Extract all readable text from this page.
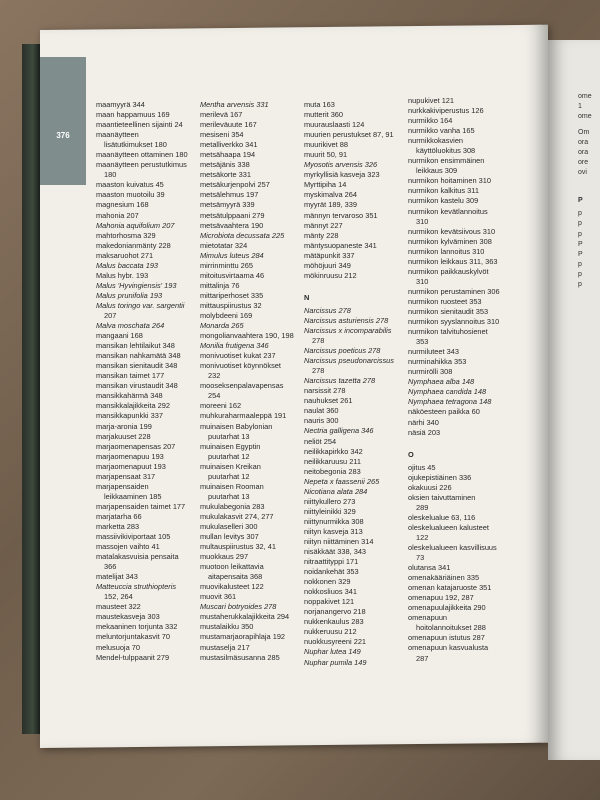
376
maamyyrä 344
maan happamuus 169
maantieteellinen sijainti 24
maanäytteen
lisätutkimukset 180
maanäytteen ottaminen 180
maanäytteen perustutkimus
180
maaston kuivatus 45
maaston muotoilu 39
magnesium 168
mahonia 207
Mahonia aquifolium 207
mahtorhosma 329
makedonianmänty 228
maksaruohot 271
Malus baccata 193
Malus hybr. 193
Malus 'Hyvingiensis' 193
Malus prunifolia 193
Malus toringo var. sargentii
207
Malva moschata 264
mangaani 168
mansikan lehtilaikut 348
mansikan nahkamätä 348
mansikan sienitaudit 348
mansikan taimet 177
mansikan virustaudit 348
mansikkahärmä 348
mansikkalajikkeita 292
mansikkapunkki 337
marja-aronia 199
marjakuuset 228
marjaomenapensas 207
marjaomenapuu 193
marjaomenapuut 193
marjapensaat 317
marjapensaiden
leikkaaminen 185
marjapensaiden taimet 177
marjatarha 66
marketta 283
massiivikiviportaat 105
massojen vaihto 41
matalakasvuisia pensaita
366
matelijat 343
Matteuccia struthiopteris
152, 264
mausteet 322
maustekasveja 303
mekaaninen torjunta 332
meluntorjuntakasvit 70
melusuoja 70
Mendel-tulppaanit 279
Mentha arvensis 331
merilevä 167
merileväuute 167
mesiseni 354
metalliverkko 341
metsähaapa 194
metsäjänis 338
metsäkorte 331
metsäkurjenpolvi 257
metsälehmus 197
metsämyyrä 339
metsätulppaani 279
metsävaahtera 190
Microbiota decussata 225
mietotatar 324
Mimulus luteus 284
mirrinminttu 265
mitoitusvirtaama 46
mittalinja 76
mittariperhoset 335
mittauspiirustus 32
molybdeeni 169
Monarda 265
mongolianvaahtera 190, 198
Monilia frutigena 346
monivuotiset kukat 237
monivuotiset köynnökset
232
mooseksenpalavapensas
254
moreeni 162
muhkuraharmaaleppä 191
muinaisen Babylonian
puutarhat 13
muinaisen Egyptin
puutarhat 12
muinaisen Kreikan
puutarhat 12
muinaisen Rooman
puutarhat 13
mukulabegonia 283
mukulakasvit 274, 277
mukulaselleri 300
mullan levitys 307
multauspiirustus 32, 41
muokkaus 297
muotoon leikattavia
aitapensaita 368
muovikalusteet 122
muovit 361
Muscari botryoides 278
mustaherukkalajikkeita 294
mustalaikku 350
mustamarjaorapihlaja 192
mustaselja 217
mustasilmäsusanna 285
muta 163
mutterit 360
muurauslaasti 124
muurien perustukset 87, 91
muurikivet 88
muurit 50, 91
Myosotis arvensis 326
myrkyllisiä kasveja 323
Myrttipiha 14
myskimalva 264
myyrät 189, 339
männyn tervaroso 351
männyt 227
mänty 228
mäntysuopaneste 341
mätäpunkit 337
möhöjuuri 349
mökinruusu 212
N
Narcissus 278
Narcissus asturiensis 278
Narcissus x incomparabilis
278
Narcissus poeticus 278
Narcissus pseudonarcissus
278
Narcissus tazetta 278
narsissit 278
nauhukset 261
naulat 360
nauris 300
Nectria galligena 346
neliöt 254
neilikkapirkko 342
neilikkaruusu 211
neitobegonia 283
Nepeta x faassenii 265
Nicotiana alata 284
niittykullero 273
niittyleinikki 329
niittynurmikka 308
niityn kasveja 313
niityn niittäminen 314
nisäkkäät 338, 343
nitraattityppi 171
noidankehät 353
nokkonen 329
nokkosliuos 341
noppakivet 121
norjanangervo 218
nukkenkaulus 283
nukkeruusu 212
nuokkusyreeni 221
Nuphar lutea 149
Nuphar pumila 149
nupukivet 121
nurkkakiviperustus 126
nurmikko 164
nurmikko vanha 165
nurmikkokasvien
käyttöluokitus 308
nurmikon ensimmäinen
leikkaus 309
nurmikon hoitaminen 310
nurmikon kalkitus 311
nurmikon kastelu 309
nurmikon kevätlannoitus
310
nurmikon kevätsiivous 310
nurmikon kylväminen 308
nurmikon lannoitus 310
nurmikon leikkaus 311, 363
nurmikon paikkauskylvöt
310
nurmikon perustaminen 306
nurmikon ruosteet 353
nurmikon sienitaudit 353
nurmikon syyslannoitus 310
nurmikon talvituhosienet
353
nurmiluteet 343
nurminahikka 353
nurmirölli 308
Nymphaea alba 148
Nymphaea candida 148
Nymphaea tetragona 148
näköesteen paikka 60
närhi 340
näsiä 203
O
ojitus 45
ojukepistiäinen 336
okakuusi 226
oksien taivuttaminen
289
oleskelualue 63, 116
oleskelualueen kalusteet
122
oleskelualueen kasvillisuus
73
olutansa 341
omenakääriäinen 335
omenan katajaruoste 351
omenapuu 192, 287
omenapuulajikkeita 290
omenapuun
hoitolannoitukset 288
omenapuun istutus 287
omenapuun kasvualusta
287
ome
1
ome
Om
ora
ora
ore
ovi
P
p
p
p
P
P
p
p
p
